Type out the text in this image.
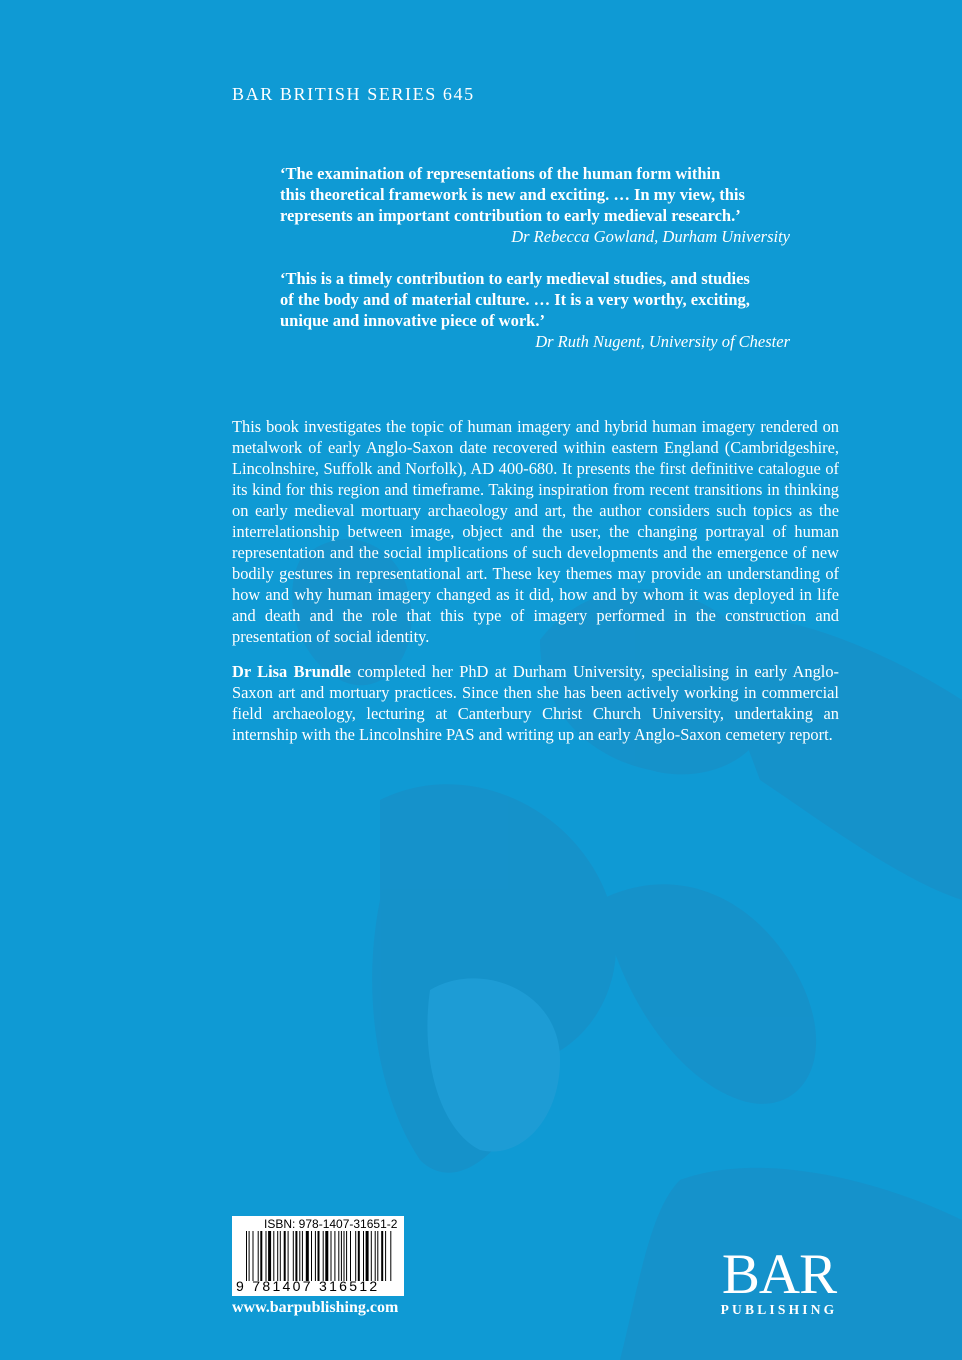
BAR BRITISH SERIES 645
‘The examination of representations of the human form within
this theoretical framework is new and exciting. … In my view, this
represents an important contribution to early medieval research.’
Dr Rebecca Gowland, Durham University
‘This is a timely contribution to early medieval studies, and studies
of the body and of material culture. … It is a very worthy, exciting,
unique and innovative piece of work.’
Dr Ruth Nugent, University of Chester

This book investigates the topic of human imagery and hybrid human imagery rendered on metalwork of early Anglo-Saxon date recovered within eastern England (Cambridgeshire, Lincolnshire, Suffolk and Norfolk), AD 400-680. It presents the first definitive catalogue of its kind for this region and timeframe. Taking inspiration from recent transitions in thinking on early medieval mortuary archaeology and art, the author considers such topics as the interrelationship between image, object and the user, the changing portrayal of human representation and the social implications of such developments and the emergence of new bodily gestures in representational art. These key themes may provide an understanding of how and why human imagery changed as it did, how and by whom it was deployed in life and death and the role that this type of imagery performed in the construction and presentation of social identity.

Dr Lisa Brundle completed her PhD at Durham University, specialising in early Anglo-Saxon art and mortuary practices. Since then she has been actively working in commercial field archaeology, lecturing at Canterbury Christ Church University, undertaking an internship with the Lincolnshire PAS and writing up an early Anglo-Saxon cemetery report.

ISBN: 978-1407-31651-2
9 781407 316512
www.barpublishing.com
BAR
PUBLISHING
